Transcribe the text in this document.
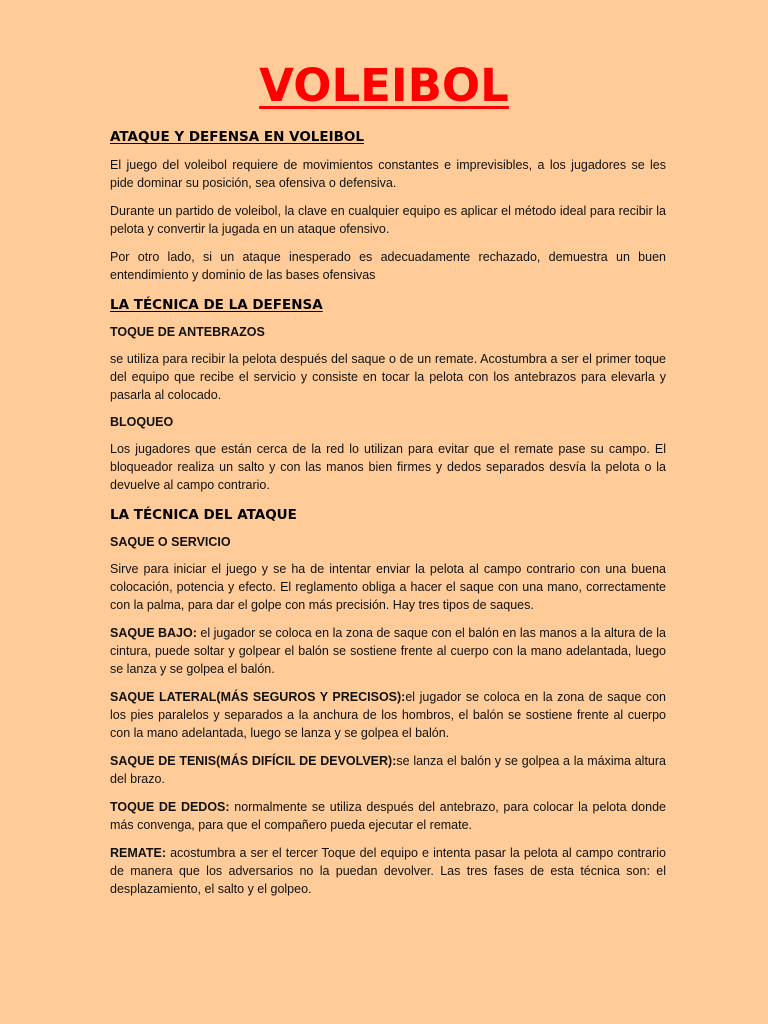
VOLEIBOL
ATAQUE Y DEFENSA EN VOLEIBOL

El juego del voleibol requiere de movimientos constantes e imprevisibles, a los jugadores se les pide dominar su posición, sea ofensiva o defensiva.

Durante un partido de voleibol, la clave en cualquier equipo es aplicar el método ideal para recibir la pelota y convertir la jugada en un ataque ofensivo.

Por otro lado, si un ataque inesperado es adecuadamente rechazado, demuestra un buen entendimiento y dominio de las bases ofensivas

LA TÉCNICA DE LA DEFENSA
TOQUE DE ANTEBRAZOS

se utiliza para recibir la pelota después del saque o de un remate. Acostumbra a ser el primer toque del equipo que recibe el servicio y consiste en tocar la pelota con los antebrazos para elevarla y pasarla al colocado.

BLOQUEO

Los jugadores que están cerca de la red lo utilizan para evitar que el remate pase su campo. El bloqueador realiza un salto y con las manos bien firmes y dedos separados desvía la pelota o la devuelve al campo contrario.

LA TÉCNICA DEL ATAQUE
SAQUE O SERVICIO

Sirve para iniciar el juego y se ha de intentar enviar la pelota al campo contrario con una buena colocación, potencia y efecto. El reglamento obliga a hacer el saque con una mano, correctamente con la palma, para dar el golpe con más precisión. Hay tres tipos de saques.

SAQUE BAJO: el jugador se coloca en la zona de saque con el balón en las manos a la altura de la cintura, puede soltar y golpear el balón se sostiene frente al cuerpo con la mano adelantada, luego se lanza y se golpea el balón.

SAQUE LATERAL(MÁS SEGUROS Y PRECISOS):el jugador se coloca en la zona de saque con los pies paralelos y separados a la anchura de los hombros, el balón se sostiene frente al cuerpo con la mano adelantada, luego se lanza y se golpea el balón.

SAQUE DE TENIS(MÁS DIFÍCIL DE DEVOLVER):se lanza el balón y se golpea a la máxima altura del brazo.

TOQUE DE DEDOS: normalmente se utiliza después del antebrazo, para colocar la pelota donde más convenga, para que el compañero pueda ejecutar el remate.

REMATE: acostumbra a ser el tercer Toque del equipo e intenta pasar la pelota al campo contrario de manera que los adversarios no la puedan devolver. Las tres fases de esta técnica son: el desplazamiento, el salto y el golpeo.
